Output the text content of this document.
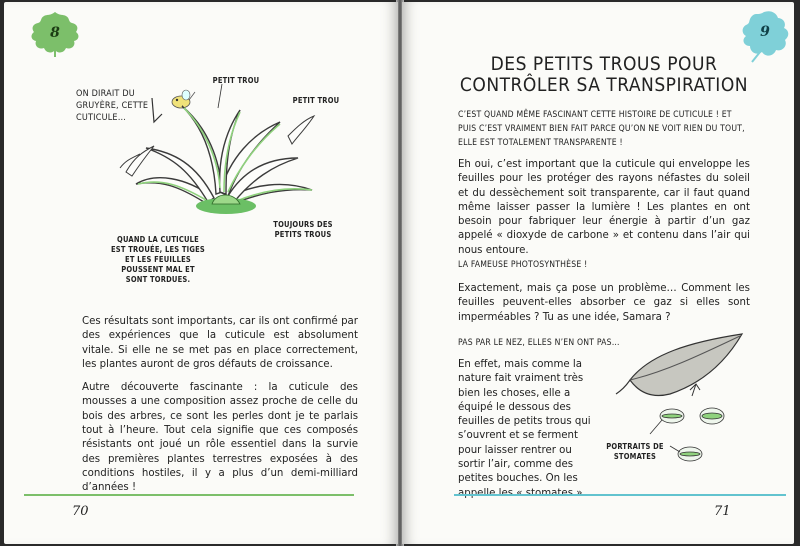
8
ON DIRAIT DU GRUYÈRE, CETTE CUTICULE…
PETIT TROU
PETIT TROU
QUAND LA CUTICULE EST TROUÉE, LES TIGES ET LES FEUILLES POUSSENT MAL ET SONT TORDUES.
TOUJOURS DES PETITS TROUS

Ces résultats sont importants, car ils ont confirmé par des expériences que la cuticule est absolument vitale. Si elle ne se met pas en place correctement, les plantes auront de gros défauts de croissance.

Autre découverte fascinante : la cuticule des mousses a une composition assez proche de celle du bois des arbres, ce sont les perles dont je te parlais tout à l’heure. Tout cela signifie que ces composés résistants ont joué un rôle essentiel dans la survie des premières plantes terrestres exposées à des conditions hostiles, il y a plus d’un demi-milliard d’années !

70
9
DES PETITS TROUS POUR
CONTRÔLER SA TRANSPIRATION
C’EST QUAND MÊME FASCINANT CETTE HISTOIRE DE CUTICULE ! ET PUIS C’EST VRAIMENT BIEN FAIT PARCE QU’ON NE VOIT RIEN DU TOUT, ELLE EST TOTALEMENT TRANSPARENTE !
Eh oui, c’est important que la cuticule qui enveloppe les feuilles pour les protéger des rayons néfastes du soleil et du dessèchement soit transparente, car il faut quand même laisser passer la lumière ! Les plantes en ont besoin pour fabriquer leur énergie à partir d’un gaz appelé « dioxyde de carbone » et contenu dans l’air qui nous entoure.
LA FAMEUSE PHOTOSYNTHÈSE !
Exactement, mais ça pose un problème… Comment les feuilles peuvent-elles absorber ce gaz si elles sont imperméables ? Tu as une idée, Samara ?
PAS PAR LE NEZ, ELLES N’EN ONT PAS…
En effet, mais comme la nature fait vraiment très bien les choses, elle a équipé le dessous des feuilles de petits trous qui s’ouvrent et se ferment pour laisser rentrer ou sortir l’air, comme des petites bouches. On les
PORTRAITS DE STOMATES
71
